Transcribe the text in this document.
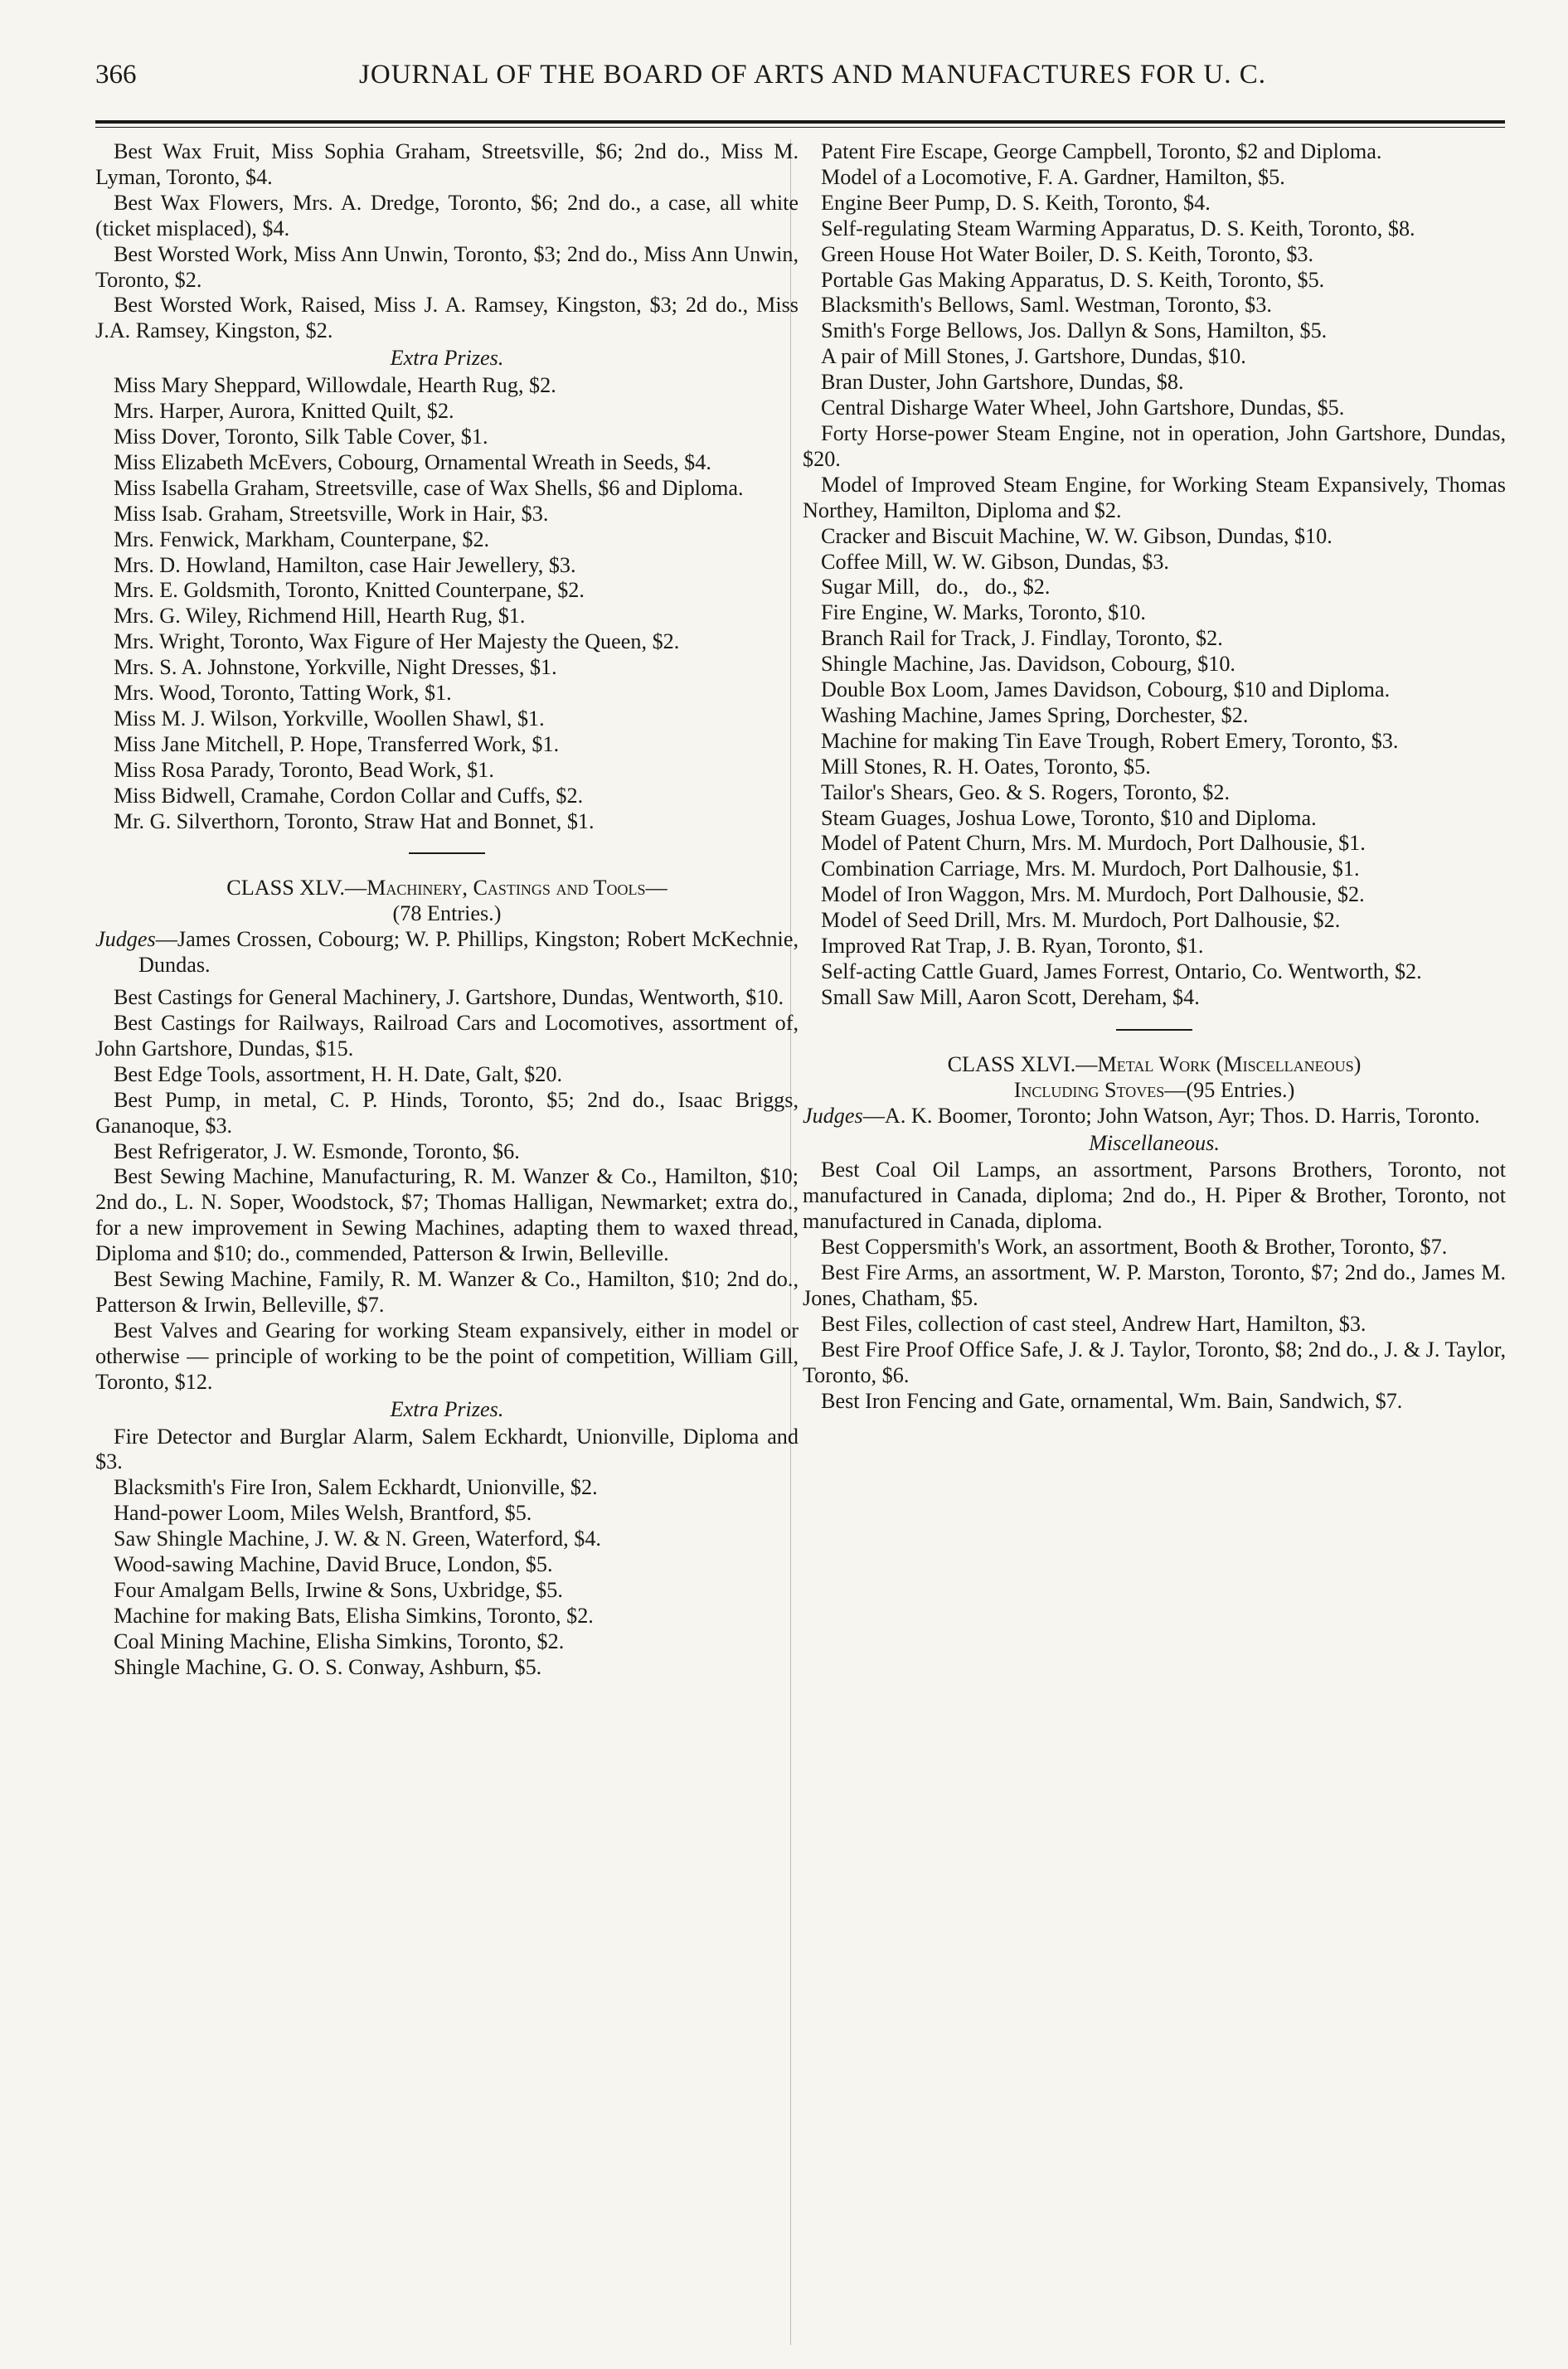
366	JOURNAL OF THE BOARD OF ARTS AND MANUFACTURES FOR U. C.

Best Wax Fruit, Miss Sophia Graham, Streetsville, $6; 2nd do., Miss M. Lyman, Toronto, $4.

Best Wax Flowers, Mrs. A. Dredge, Toronto, $6; 2nd do., a case, all white (ticket misplaced), $4.

Best Worsted Work, Miss Ann Unwin, Toronto, $3; 2nd do., Miss Ann Unwin, Toronto, $2.

Best Worsted Work, Raised, Miss J. A. Ramsey, Kingston, $3; 2d do., Miss J.A. Ramsey, Kingston, $2.

Extra Prizes.

Miss Mary Sheppard, Willowdale, Hearth Rug, $2.

Mrs. Harper, Aurora, Knitted Quilt, $2.

Miss Dover, Toronto, Silk Table Cover, $1.

Miss Elizabeth McEvers, Cobourg, Ornamental Wreath in Seeds, $4.

Miss Isabella Graham, Streetsville, case of Wax Shells, $6 and Diploma.

Miss Isab. Graham, Streetsville, Work in Hair, $3.

Mrs. Fenwick, Markham, Counterpane, $2.

Mrs. D. Howland, Hamilton, case Hair Jewellery, $3.

Mrs. E. Goldsmith, Toronto, Knitted Counterpane, $2.

Mrs. G. Wiley, Richmend Hill, Hearth Rug, $1.

Mrs. Wright, Toronto, Wax Figure of Her Majesty the Queen, $2.

Mrs. S. A. Johnstone, Yorkville, Night Dresses, $1.

Mrs. Wood, Toronto, Tatting Work, $1.

Miss M. J. Wilson, Yorkville, Woollen Shawl, $1.

Miss Jane Mitchell, P. Hope, Transferred Work, $1.

Miss Rosa Parady, Toronto, Bead Work, $1.

Miss Bidwell, Cramahe, Cordon Collar and Cuffs, $2.

Mr. G. Silverthorn, Toronto, Straw Hat and Bonnet, $1.

CLASS XLV.—Machinery, Castings and Tools—
(78 Entries.)

Judges—James Crossen, Cobourg; W. P. Phillips, Kingston; Robert McKechnie, Dundas.

Best Castings for General Machinery, J. Gartshore, Dundas, Wentworth, $10.

Best Castings for Railways, Railroad Cars and Locomotives, assortment of, John Gartshore, Dundas, $15.

Best Edge Tools, assortment, H. H. Date, Galt, $20.

Best Pump, in metal, C. P. Hinds, Toronto, $5; 2nd do., Isaac Briggs, Gananoque, $3.

Best Refrigerator, J. W. Esmonde, Toronto, $6.

Best Sewing Machine, Manufacturing, R. M. Wanzer & Co., Hamilton, $10; 2nd do., L. N. Soper, Woodstock, $7; Thomas Halligan, Newmarket; extra do., for a new improvement in Sewing Machines, adapting them to waxed thread, Diploma and $10; do., commended, Patterson & Irwin, Belleville.

Best Sewing Machine, Family, R. M. Wanzer & Co., Hamilton, $10; 2nd do., Patterson & Irwin, Belleville, $7.

Best Valves and Gearing for working Steam expansively, either in model or otherwise — principle of working to be the point of competition, William Gill, Toronto, $12.

Extra Prizes.

Fire Detector and Burglar Alarm, Salem Eckhardt, Unionville, Diploma and $3.

Blacksmith's Fire Iron, Salem Eckhardt, Unionville, $2.

Hand-power Loom, Miles Welsh, Brantford, $5.

Saw Shingle Machine, J. W. & N. Green, Waterford, $4.

Wood-sawing Machine, David Bruce, London, $5.

Four Amalgam Bells, Irwine & Sons, Uxbridge, $5.

Machine for making Bats, Elisha Simkins, Toronto, $2.

Coal Mining Machine, Elisha Simkins, Toronto, $2.

Shingle Machine, G. O. S. Conway, Ashburn, $5.

Patent Fire Escape, George Campbell, Toronto, $2 and Diploma.

Model of a Locomotive, F. A. Gardner, Hamilton, $5.

Engine Beer Pump, D. S. Keith, Toronto, $4.

Self-regulating Steam Warming Apparatus, D. S. Keith, Toronto, $8.

Green House Hot Water Boiler, D. S. Keith, Toronto, $3.

Portable Gas Making Apparatus, D. S. Keith, Toronto, $5.

Blacksmith's Bellows, Saml. Westman, Toronto, $3.

Smith's Forge Bellows, Jos. Dallyn & Sons, Hamilton, $5.

A pair of Mill Stones, J. Gartshore, Dundas, $10.

Bran Duster, John Gartshore, Dundas, $8.

Central Disharge Water Wheel, John Gartshore, Dundas, $5.

Forty Horse-power Steam Engine, not in operation, John Gartshore, Dundas, $20.

Model of Improved Steam Engine, for Working Steam Expansively, Thomas Northey, Hamilton, Diploma and $2.

Cracker and Biscuit Machine, W. W. Gibson, Dundas, $10.

Coffee Mill, W. W. Gibson, Dundas, $3.

Sugar Mill,   do.,   do., $2.

Fire Engine, W. Marks, Toronto, $10.

Branch Rail for Track, J. Findlay, Toronto, $2.

Shingle Machine, Jas. Davidson, Cobourg, $10.

Double Box Loom, James Davidson, Cobourg, $10 and Diploma.

Washing Machine, James Spring, Dorchester, $2.

Machine for making Tin Eave Trough, Robert Emery, Toronto, $3.

Mill Stones, R. H. Oates, Toronto, $5.

Tailor's Shears, Geo. & S. Rogers, Toronto, $2.

Steam Guages, Joshua Lowe, Toronto, $10 and Diploma.

Model of Patent Churn, Mrs. M. Murdoch, Port Dalhousie, $1.

Combination Carriage, Mrs. M. Murdoch, Port Dalhousie, $1.

Model of Iron Waggon, Mrs. M. Murdoch, Port Dalhousie, $2.

Model of Seed Drill, Mrs. M. Murdoch, Port Dalhousie, $2.

Improved Rat Trap, J. B. Ryan, Toronto, $1.

Self-acting Cattle Guard, James Forrest, Ontario, Co. Wentworth, $2.

Small Saw Mill, Aaron Scott, Dereham, $4.

CLASS XLVI.—Metal Work (Miscellaneous)
Including Stoves—(95 Entries.)

Judges—A. K. Boomer, Toronto; John Watson, Ayr; Thos. D. Harris, Toronto.

Miscellaneous.

Best Coal Oil Lamps, an assortment, Parsons Brothers, Toronto, not manufactured in Canada, diploma; 2nd do., H. Piper & Brother, Toronto, not manufactured in Canada, diploma.

Best Coppersmith's Work, an assortment, Booth & Brother, Toronto, $7.

Best Fire Arms, an assortment, W. P. Marston, Toronto, $7; 2nd do., James M. Jones, Chatham, $5.

Best Files, collection of cast steel, Andrew Hart, Hamilton, $3.

Best Fire Proof Office Safe, J. & J. Taylor, Toronto, $8; 2nd do., J. & J. Taylor, Toronto, $6.

Best Iron Fencing and Gate, ornamental, Wm. Bain, Sandwich, $7.
